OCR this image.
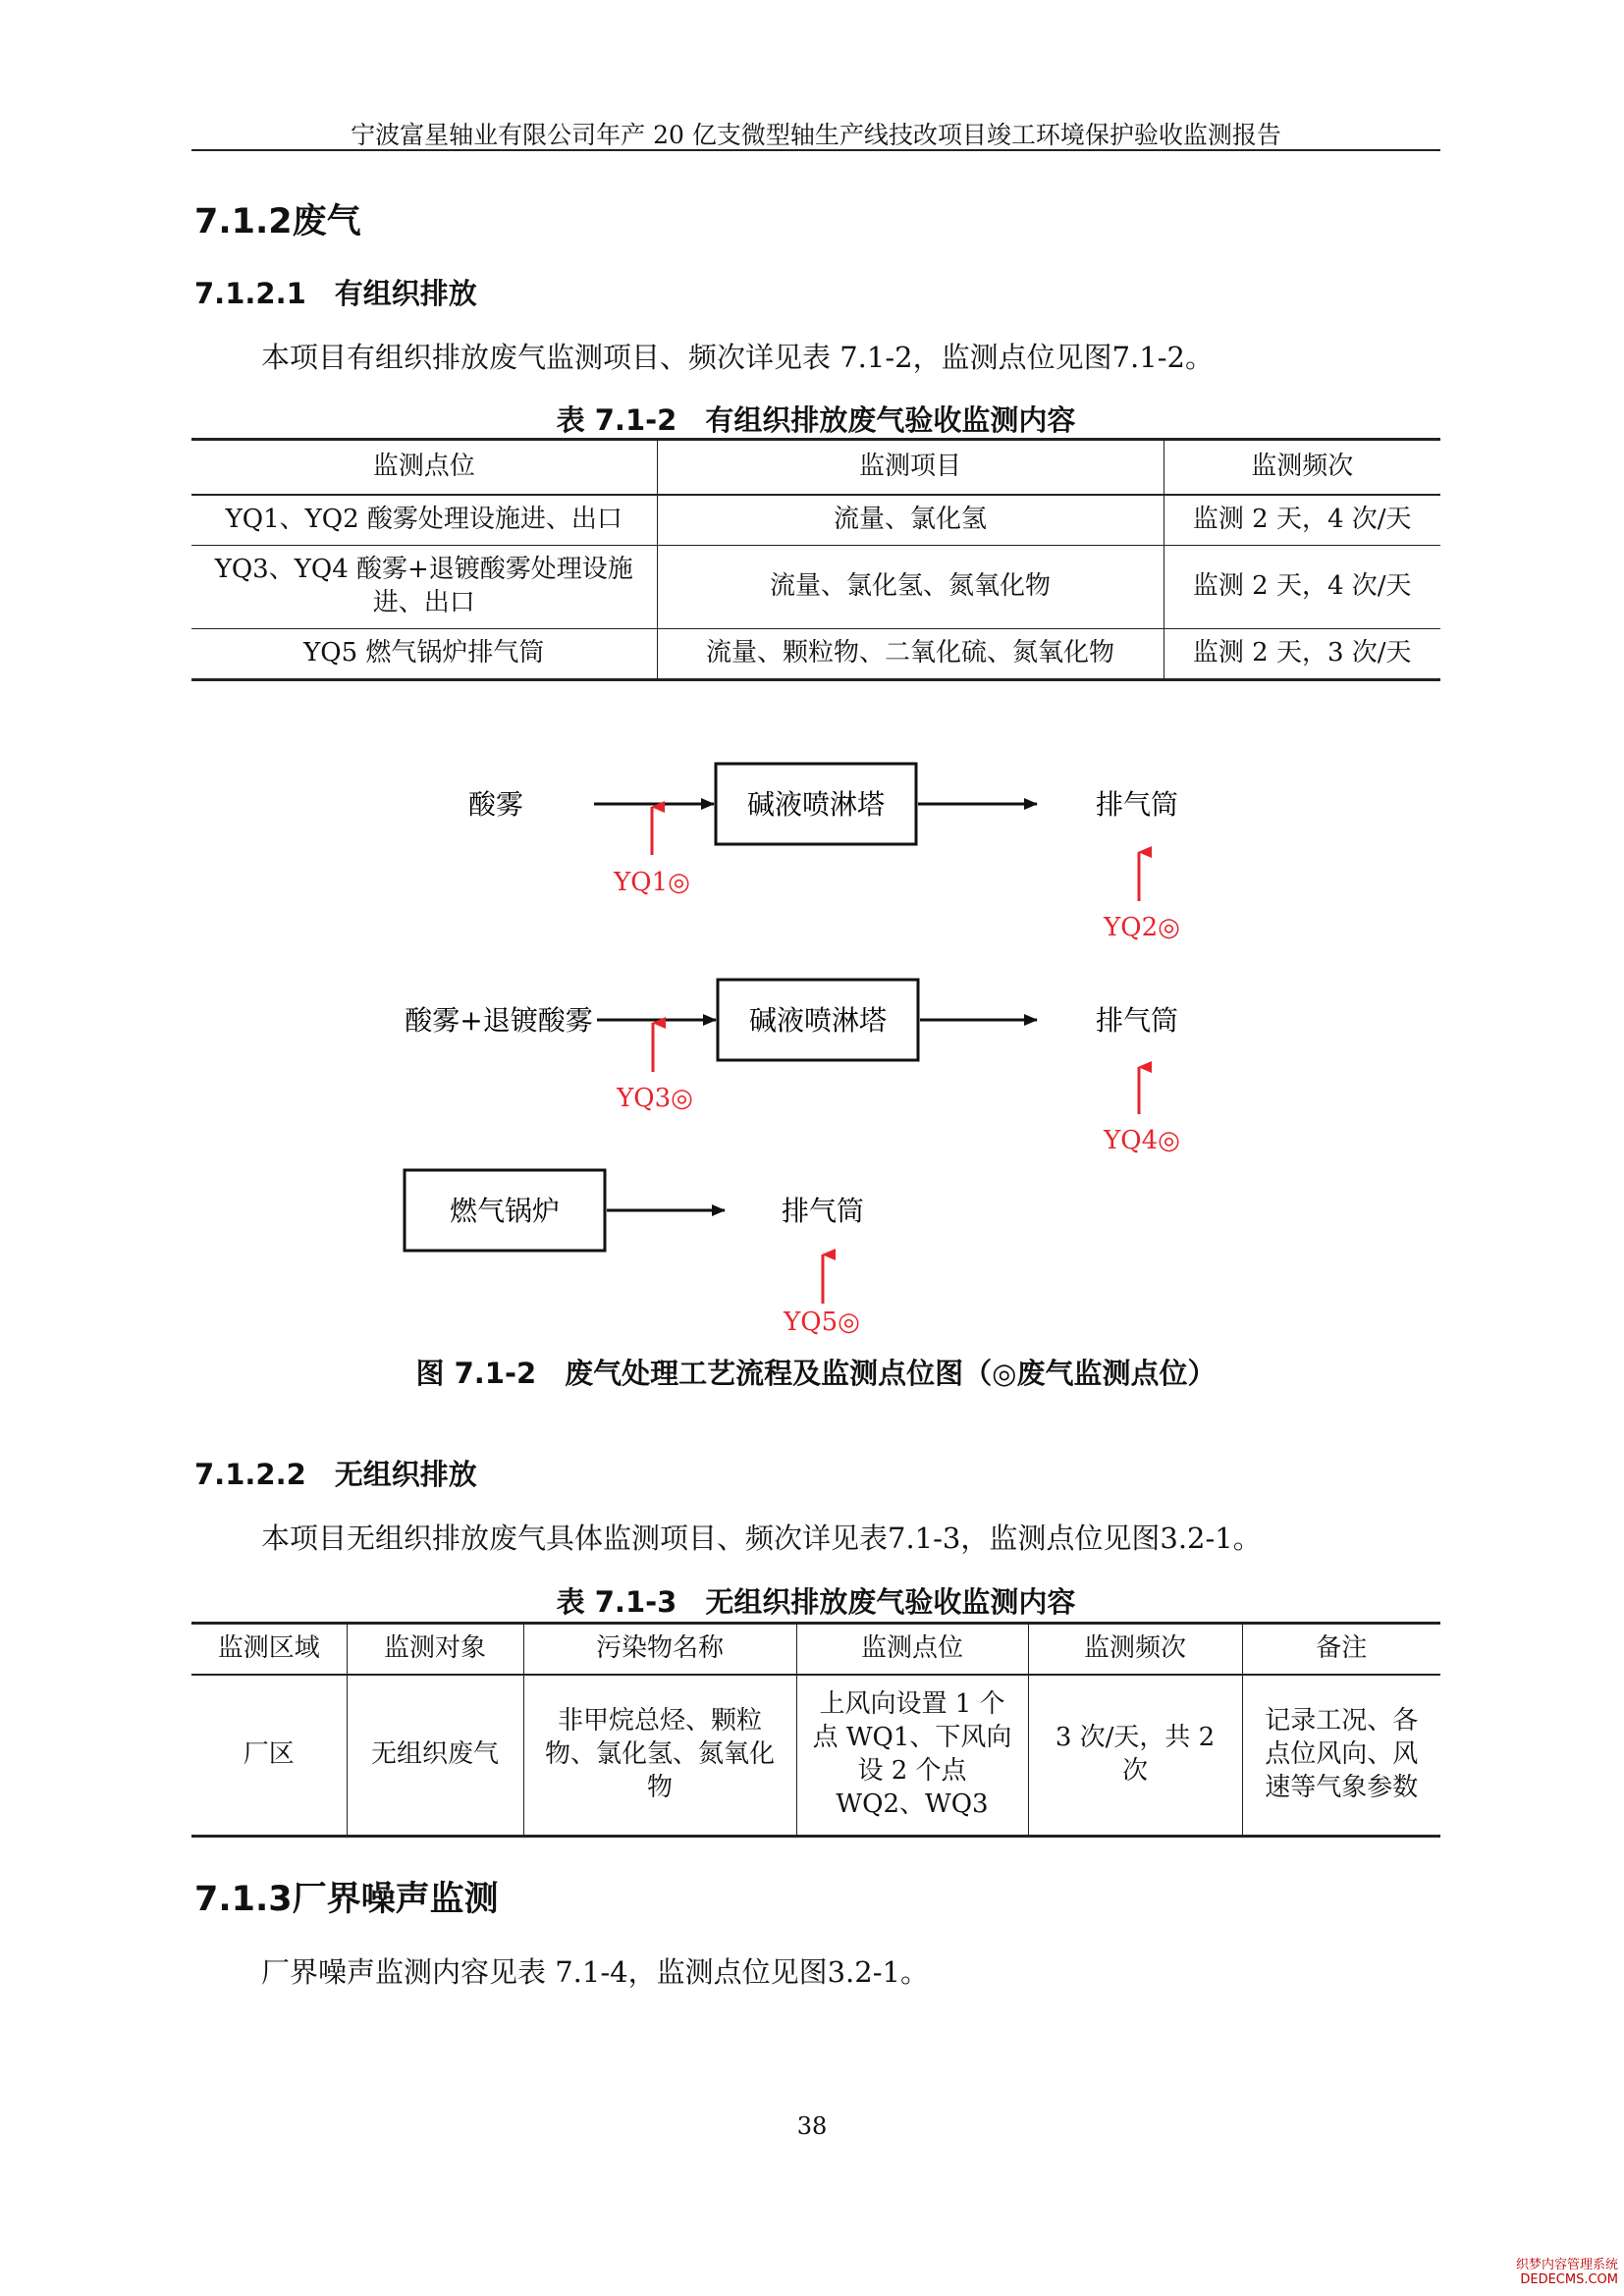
宁波富星轴业有限公司年产 20 亿支微型轴生产线技改项目竣工环境保护验收监测报告
7.1.2废气
7.1.2.1　有组织排放
本项目有组织排放废气监测项目、频次详见表 7.1-2，监测点位见图7.1-2。
表 7.1-2　有组织排放废气验收监测内容
监测点位	监测项目	监测频次
YQ1、YQ2 酸雾处理设施进、出口	流量、氯化氢	监测 2 天，4 次/天
YQ3、YQ4 酸雾+退镀酸雾处理设施进、出口	流量、氯化氢、氮氧化物	监测 2 天，4 次/天
YQ5 燃气锅炉排气筒	流量、颗粒物、二氧化硫、氮氧化物	监测 2 天，3 次/天
酸雾	碱液喷淋塔	排气筒
YQ1◎
YQ2◎
酸雾+退镀酸雾	碱液喷淋塔	排气筒
YQ3◎
YQ4◎
燃气锅炉	排气筒
YQ5◎
图 7.1-2　废气处理工艺流程及监测点位图（◎废气监测点位）
7.1.2.2　无组织排放
本项目无组织排放废气具体监测项目、频次详见表7.1-3，监测点位见图3.2-1。
表 7.1-3　无组织排放废气验收监测内容
监测区域	监测对象	污染物名称	监测点位	监测频次	备注
厂区	无组织废气	非甲烷总烃、颗粒物、氯化氢、氮氧化物	上风向设置 1 个点 WQ1、下风向设 2 个点 WQ2、WQ3	3 次/天，共 2 次	记录工况、各点位风向、风速等气象参数
7.1.3厂界噪声监测
厂界噪声监测内容见表 7.1-4，监测点位见图3.2-1。
38
织梦内容管理系统
DEDECMS.COM
